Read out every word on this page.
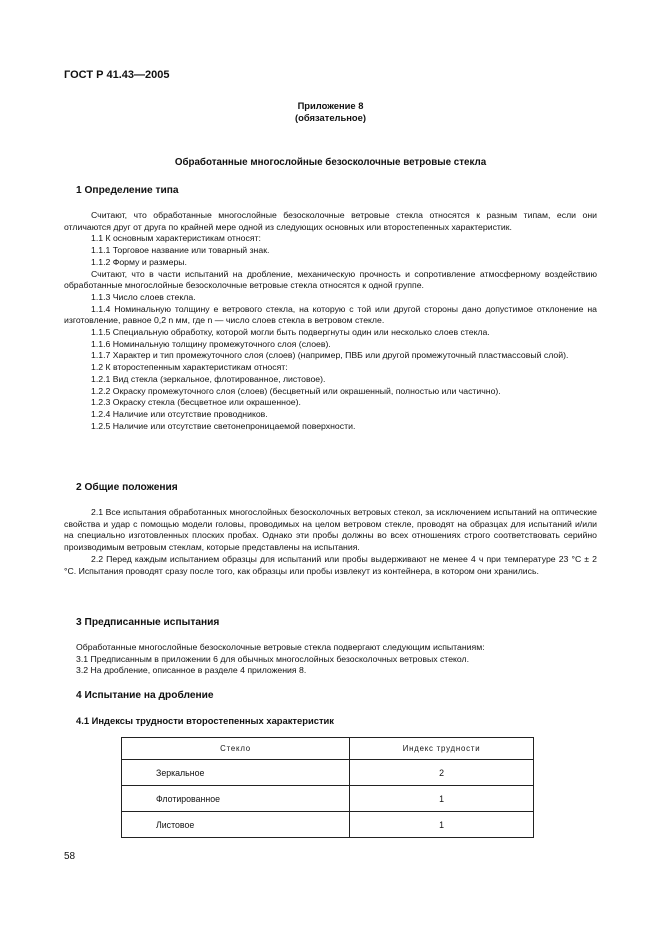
ГОСТ Р 41.43—2005
Приложение 8
(обязательное)
Обработанные многослойные безосколочные ветровые стекла
1 Определение типа

Считают, что обработанные многослойные безосколочные ветровые стекла относятся к разным типам, если они отличаются друг от друга по крайней мере одной из следующих основных или второстепенных характеристик.

1.1 К основным характеристикам относят:

1.1.1 Торговое название или товарный знак.

1.1.2 Форму и размеры.

Считают, что в части испытаний на дробление, механическую прочность и сопротивление атмосферному воздействию обработанные многослойные безосколочные ветровые стекла относятся к одной группе.

1.1.3 Число слоев стекла.

1.1.4 Номинальную толщину e ветрового стекла, на которую с той или другой стороны дано допустимое отклонение на изготовление, равное 0,2 n мм, где n — число слоев стекла в ветровом стекле.

1.1.5 Специальную обработку, которой могли быть подвергнуты один или несколько слоев стекла.

1.1.6 Номинальную толщину промежуточного слоя (слоев).

1.1.7 Характер и тип промежуточного слоя (слоев) (например, ПВБ или другой промежуточный пластмассовый слой).

1.2 К второстепенным характеристикам относят:

1.2.1 Вид стекла (зеркальное, флотированное, листовое).

1.2.2 Окраску промежуточного слоя (слоев) (бесцветный или окрашенный, полностью или частично).

1.2.3 Окраску стекла (бесцветное или окрашенное).

1.2.4 Наличие или отсутствие проводников.

1.2.5 Наличие или отсутствие светонепроницаемой поверхности.

2 Общие положения

2.1 Все испытания обработанных многослойных безосколочных ветровых стекол, за исключением испытаний на оптические свойства и удар с помощью модели головы, проводимых на целом ветровом стекле, проводят на образцах для испытаний и/или на специально изготовленных плоских пробах. Однако эти пробы должны во всех отношениях строго соответствовать серийно производимым ветровым стеклам, которые представлены на испытания.

2.2 Перед каждым испытанием образцы для испытаний или пробы выдерживают не менее 4 ч при температуре 23 °С ± 2 °С. Испытания проводят сразу после того, как образцы или пробы извлекут из контейнера, в котором они хранились.

3 Предписанные испытания

Обработанные многослойные безосколочные ветровые стекла подвергают следующим испытаниям:

3.1 Предписанным в приложении 6 для обычных многослойных безосколочных ветровых стекол.

3.2 На дробление, описанное в разделе 4 приложения 8.

4 Испытание на дробление
4.1 Индексы трудности второстепенных характеристик
Стекло	Индекс трудности
Зеркальное	2
Флотированное	1
Листовое	1
58
